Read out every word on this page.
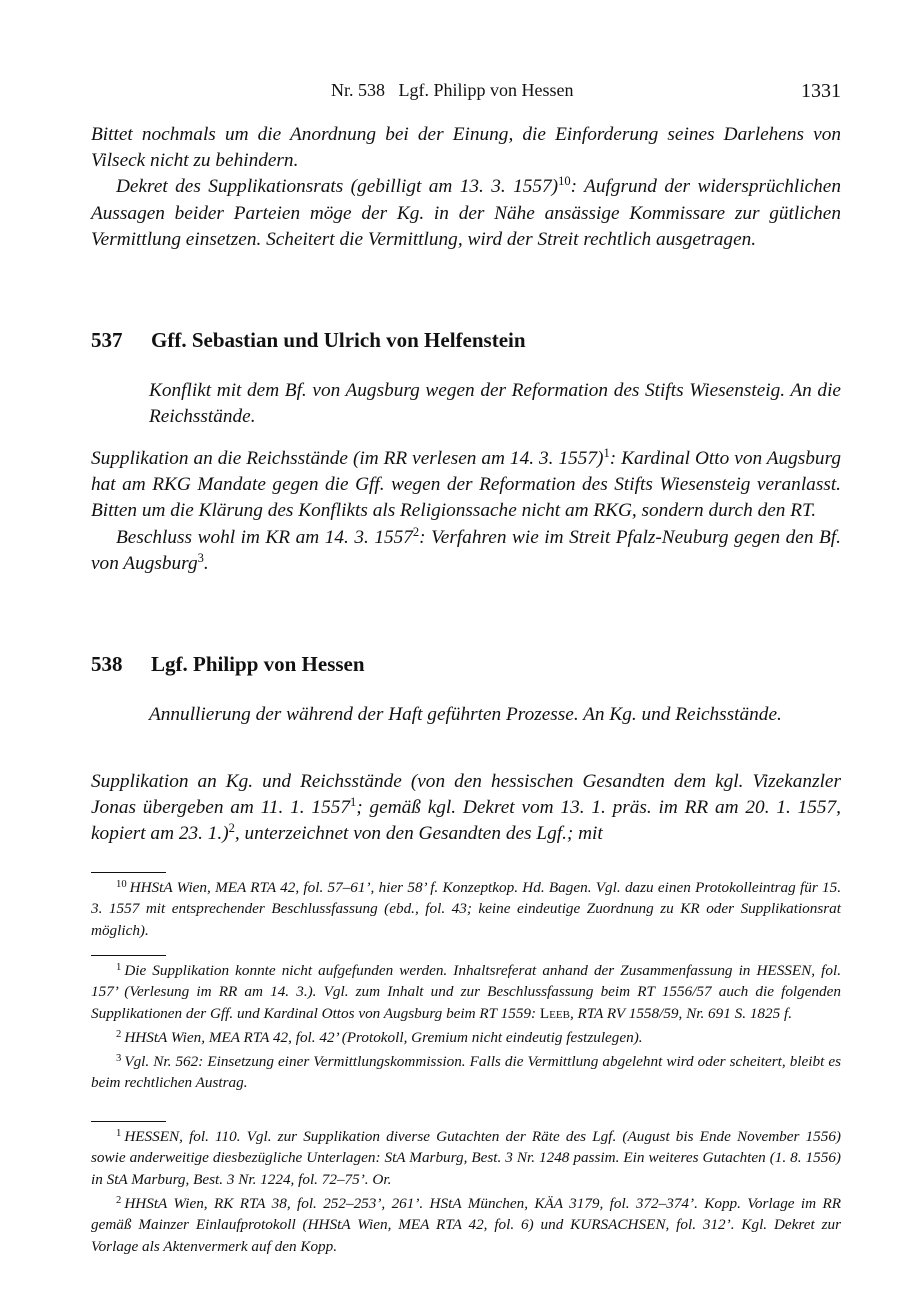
Nr. 538   Lgf. Philipp von Hessen	1331

Bittet nochmals um die Anordnung bei der Einung, die Einforderung seines Darlehens von Vilseck nicht zu behindern.

Dekret des Supplikationsrats (gebilligt am 13. 3. 1557)$^{10}$: Aufgrund der widersprüchlichen Aussagen beider Parteien möge der Kg. in der Nähe ansässige Kommissare zur gütlichen Vermittlung einsetzen. Scheitert die Vermittlung, wird der Streit rechtlich ausgetragen.

537 Gff. Sebastian und Ulrich von Helfenstein

Konflikt mit dem Bf. von Augsburg wegen der Reformation des Stifts Wiesensteig. An die Reichsstände.

Supplikation an die Reichsstände (im RR verlesen am 14. 3. 1557)$^1$: Kardinal Otto von Augsburg hat am RKG Mandate gegen die Gff. wegen der Reformation des Stifts Wiesensteig veranlasst. Bitten um die Klärung des Konflikts als Religionssache nicht am RKG, sondern durch den RT.

Beschluss wohl im KR am 14. 3. 1557$^2$: Verfahren wie im Streit Pfalz-Neuburg gegen den Bf. von Augsburg$^3$.

538 Lgf. Philipp von Hessen

Annullierung der während der Haft geführten Prozesse. An Kg. und Reichsstände.

Supplikation an Kg. und Reichsstände (von den hessischen Gesandten dem kgl. Vizekanzler Jonas übergeben am 11. 1. 1557$^1$; gemäß kgl. Dekret vom 13. 1. präs. im RR am 20. 1. 1557, kopiert am 23. 1.)$^2$, unterzeichnet von den Gesandten des Lgf.; mit

$^{10}$ HHStA Wien, MEA RTA 42, fol. 57–61’, hier 58’ f. Konzeptkop. Hd. Bagen. Vgl. dazu einen Protokolleintrag für 15. 3. 1557 mit entsprechender Beschlussfassung (ebd., fol. 43; keine eindeutige Zuordnung zu KR oder Supplikationsrat möglich).

$^1$ Die Supplikation konnte nicht aufgefunden werden. Inhaltsreferat anhand der Zusammenfassung in HESSEN, fol. 157’ (Verlesung im RR am 14. 3.). Vgl. zum Inhalt und zur Beschlussfassung beim RT 1556/57 auch die folgenden Supplikationen der Gff. und Kardinal Ottos von Augsburg beim RT 1559: Leeb, RTA RV 1558/59, Nr. 691 S. 1825 f.

$^2$ HHStA Wien, MEA RTA 42, fol. 42’ (Protokoll, Gremium nicht eindeutig festzulegen).

$^3$ Vgl. Nr. 562: Einsetzung einer Vermittlungskommission. Falls die Vermittlung abgelehnt wird oder scheitert, bleibt es beim rechtlichen Austrag.

$^1$ HESSEN, fol. 110. Vgl. zur Supplikation diverse Gutachten der Räte des Lgf. (August bis Ende November 1556) sowie anderweitige diesbezügliche Unterlagen: StA Marburg, Best. 3 Nr. 1248 passim. Ein weiteres Gutachten (1. 8. 1556) in StA Marburg, Best. 3 Nr. 1224, fol. 72–75’. Or.

$^2$ HHStA Wien, RK RTA 38, fol. 252–253’, 261’. HStA München, KÄA 3179, fol. 372–374’. Kopp. Vorlage im RR gemäß Mainzer Einlaufprotokoll (HHStA Wien, MEA RTA 42, fol. 6) und KURSACHSEN, fol. 312’. Kgl. Dekret zur Vorlage als Aktenvermerk auf den Kopp.
